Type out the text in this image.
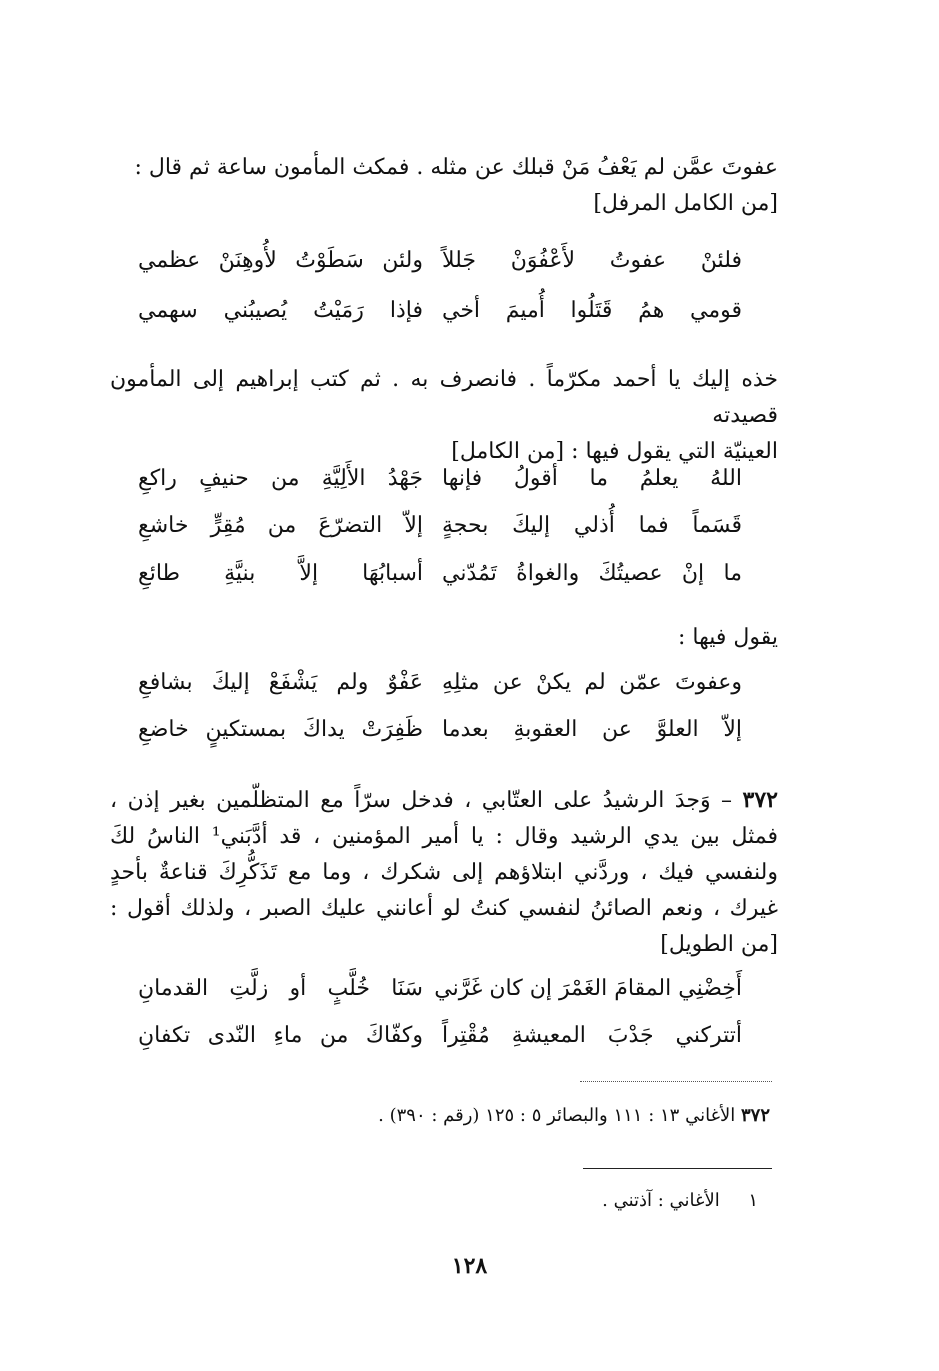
عفوتَ عمَّن لم يَعْفُ مَنْ قبلك عن مثله . فمكث المأمون ساعة ثم قال :

[من الكامل المرفل]
فلئنْ عفوتُ لأَعْفُوَنْ جَللاً
ولئن سَطَوْتُ لأُوهِنَنْ عظمي
قومي همُ قَتَلُوا أُميمَ أخي
فإذا رَمَيْتُ يُصيبُني سهمي

خذه إليك يا أحمد مكرّماً . فانصرف به . ثم كتب إبراهيم إلى المأمون قصيدته

العينيّة التي يقول فيها : [من الكامل]

اللهُ يعلمُ ما أقولُ فإنها
جَهْدُ الأَلِيَّةِ من حنيفٍ راكعِ
قَسَماً فما أُذلي إليكَ بحجةٍ
إلاّ التضرّعَ من مُقِرٍّ خاشعِ
ما إنْ عصيتُكَ والغواةُ تَمُدّني
أسبابُهَا إلاَّ بنيَّةِ طائعِ

يقول فيها :

وعفوتَ عمّن لم يكنْ عن مثلِهِ
عَفْوٌ ولم يَشْفَعْ إليكَ بشافعِ
إلاّ العلوَّ عن العقوبةِ بعدما
ظَفِرَتْ يداكَ بمستكينٍ خاضعِ

٣٧٢ – وَجدَ الرشيدُ على العتّابي ، فدخل سرّاً مع المتظلّمين بغير إذن ، فمثل بين يدي الرشيد وقال : يا أمير المؤمنين ، قد أدَّبَني¹ الناسُ لكَ ولنفسي فيك ، وردَّني ابتلاؤهم إلى شكرك ، وما مع تَذَكُّرِكَ قناعةٌ بأحدٍ غيرك ، ونعم الصائنُ لنفسي كنتُ لو أعانني عليك الصبر ، ولذلك أقول : [من الطويل]

أَخِضْنِي المقامَ الغَمْرَ إن كان غَرَّني
سَنَا خُلَّبٍ أو زلَّتِ القدمانِ
أتتركني جَدْبَ المعيشةِ مُقْتِراً
وكفّاكَ من ماءِ النّدى تكفانِ
٣٧٢ الأغاني ١٣ : ١١١ والبصائر ٥ : ١٢٥ (رقم : ٣٩٠) .
١     الأغاني : آذتني .
١٢٨
